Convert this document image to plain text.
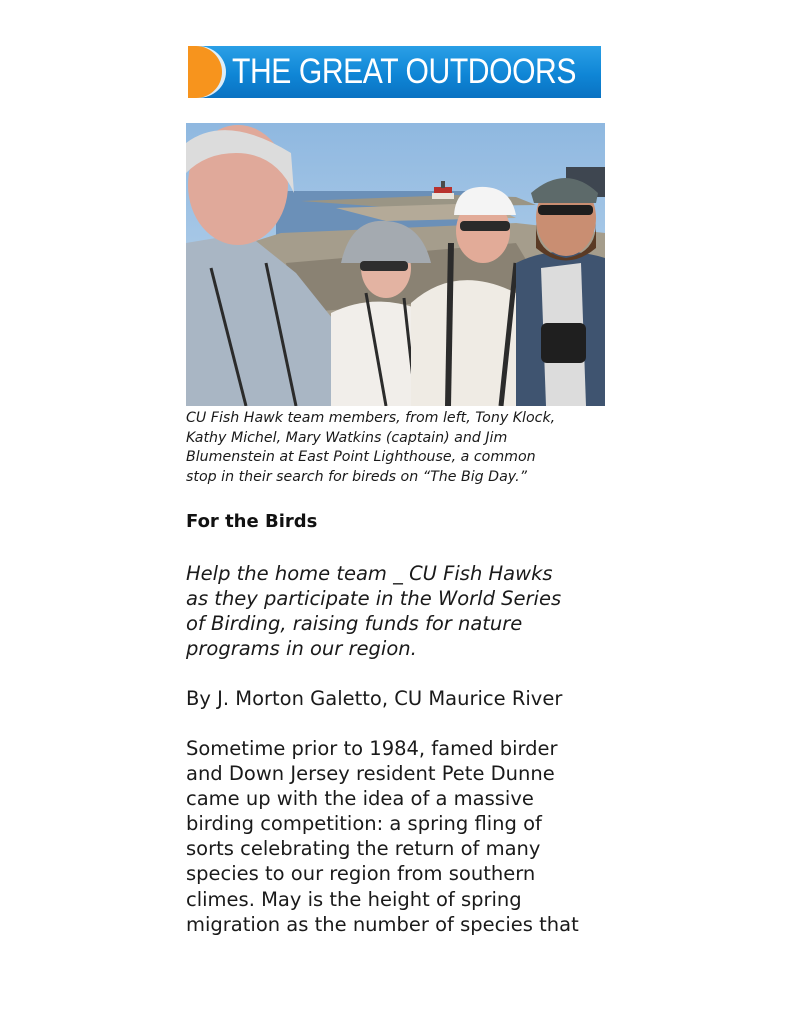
THE GREAT OUTDOORS
CU Fish Hawk team members, from left, Tony Klock,
Kathy Michel, Mary Watkins (captain) and Jim
Blumenstein at East Point Lighthouse, a common
stop in their search for bireds on “The Big Day.”
For the Birds
Help the home team _ CU Fish Hawks
as they participate in the World Series
of Birding, raising funds for nature
programs in our region.
By J. Morton Galetto, CU Maurice River
Sometime prior to 1984, famed birder
and Down Jersey resident Pete Dunne
came up with the idea of a massive
birding competition: a spring fling of
sorts celebrating the return of many
species to our region from southern
climes. May is the height of spring
migration as the number of species that
